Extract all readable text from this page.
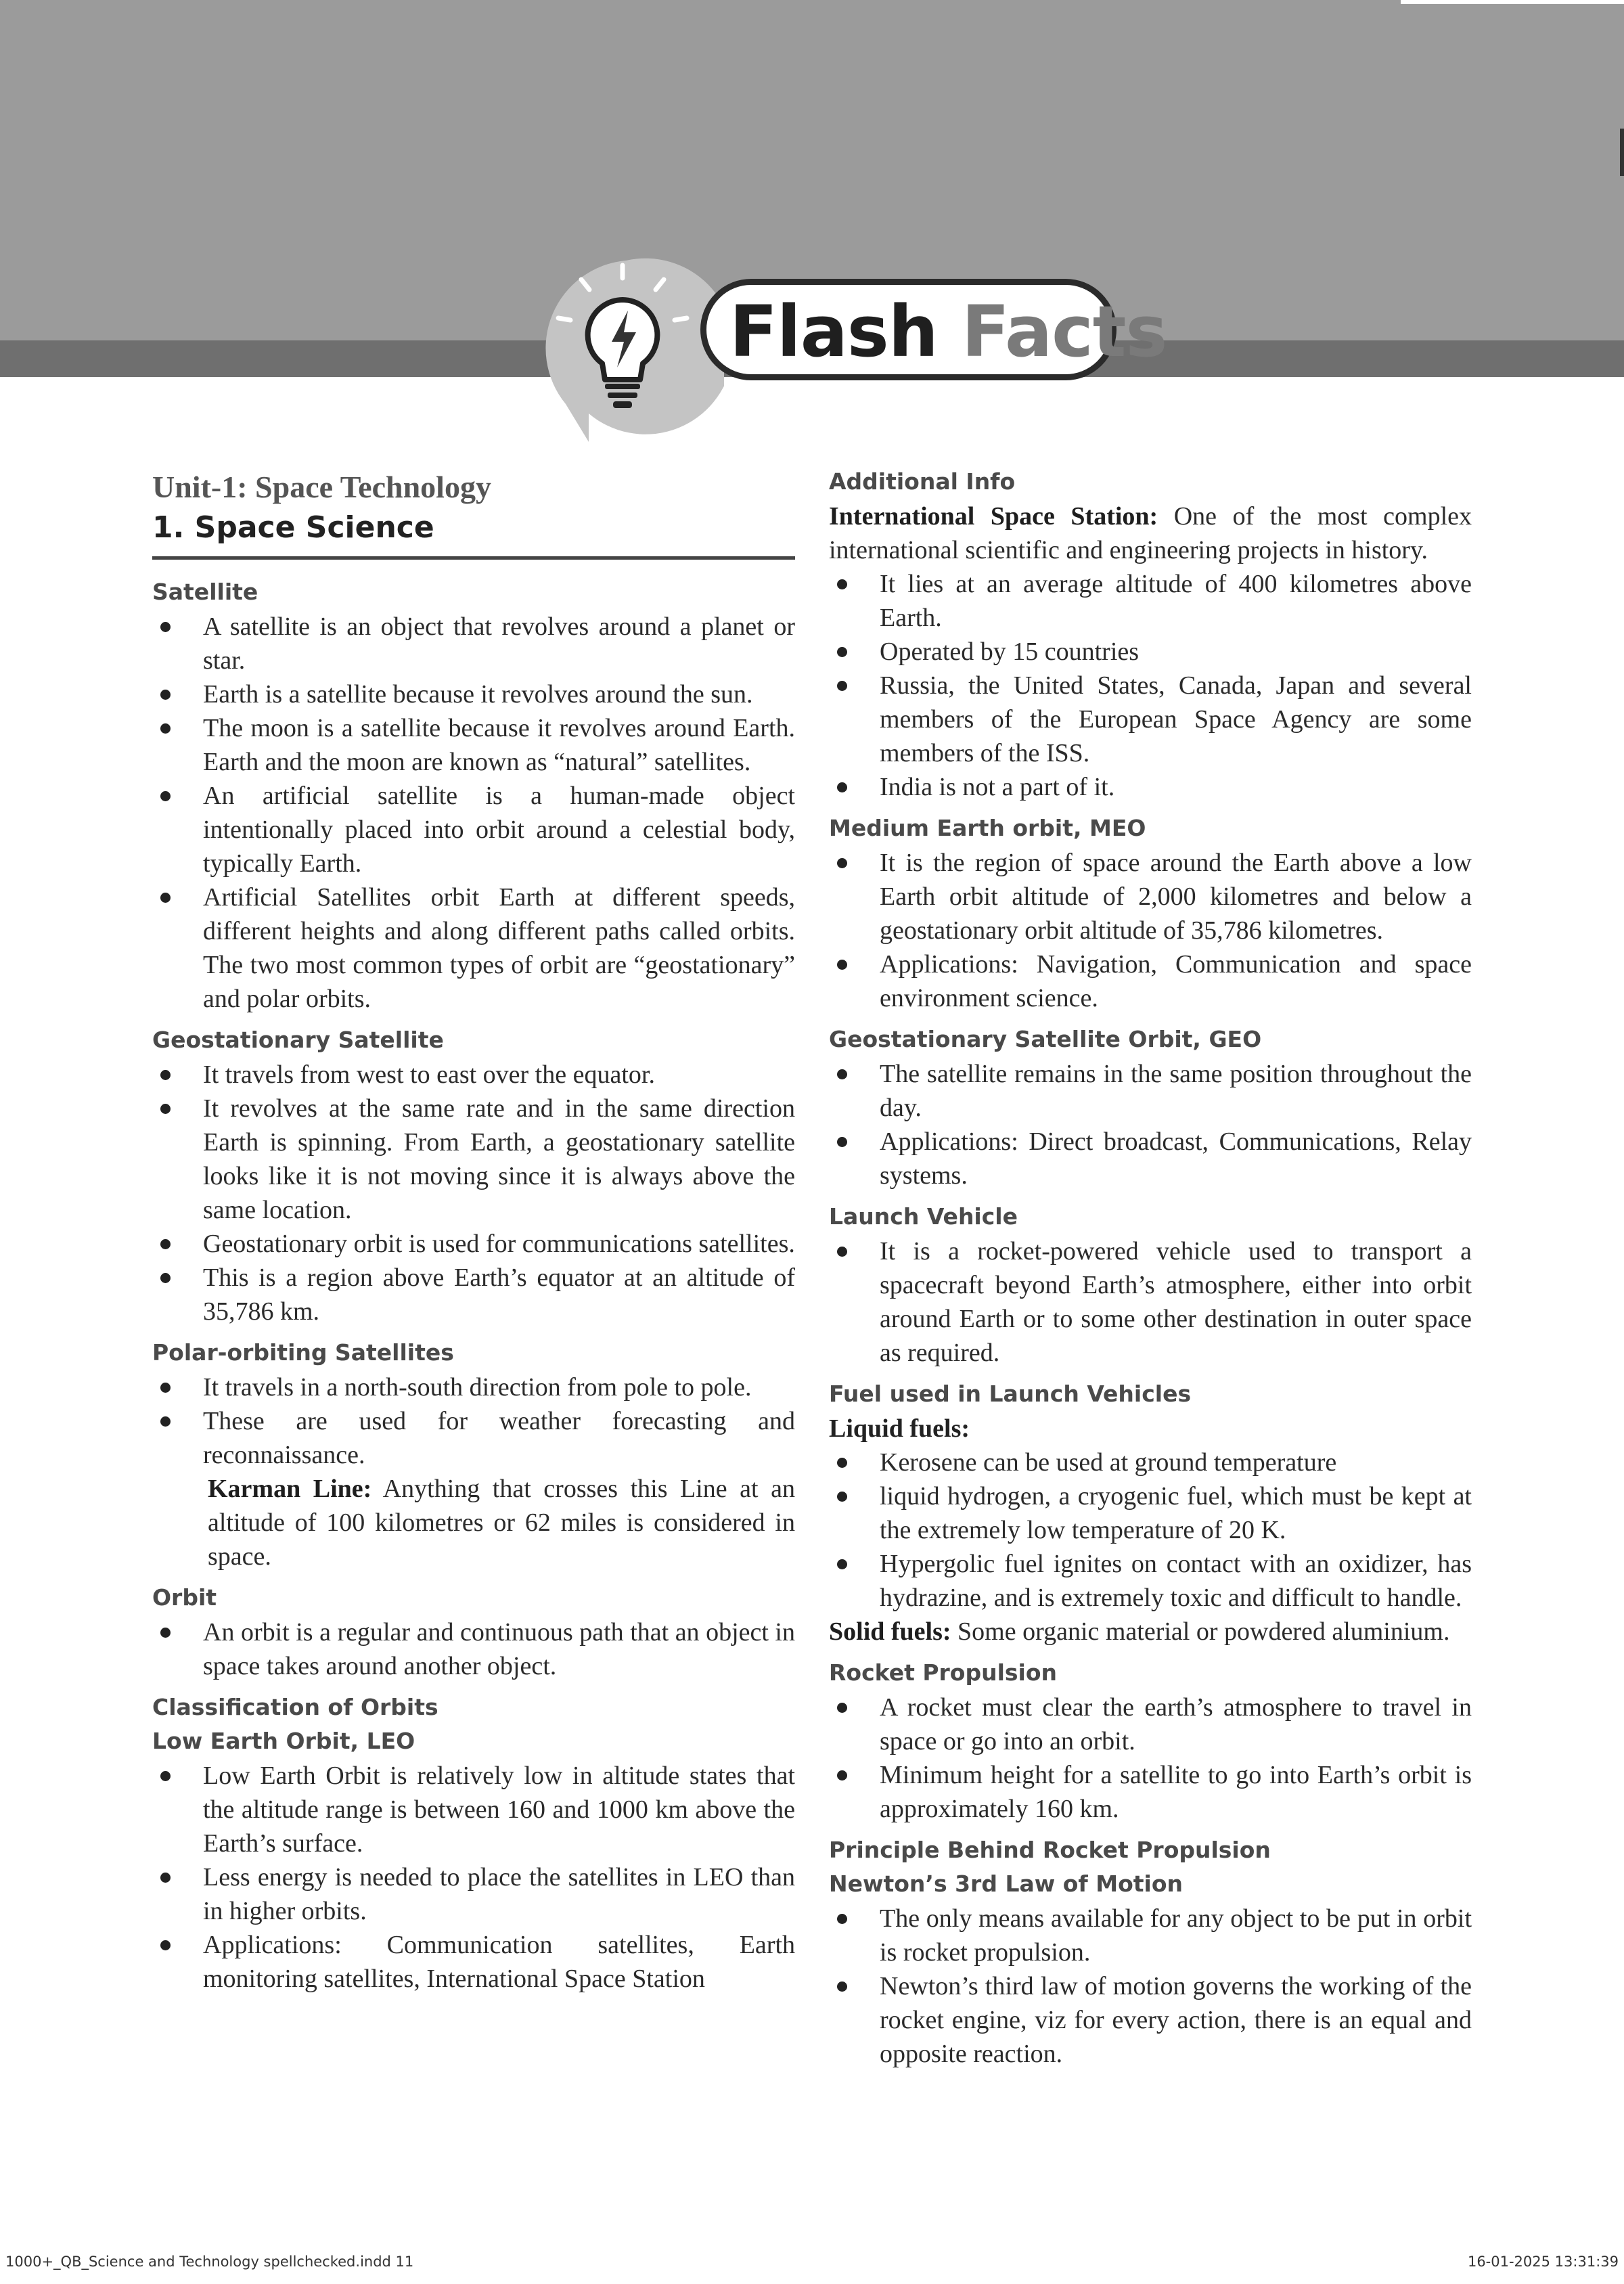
Flash Facts
Unit-1: Space Technology
1. Space Science
Satellite
A satellite is an object that revolves around a planet or star.
Earth is a satellite because it revolves around the sun.
The moon is a satellite because it revolves around Earth. Earth and the moon are known as “natural” satellites.
An artificial satellite is a human-made object intentionally placed into orbit around a celestial body, typically Earth.
Artificial Satellites orbit Earth at different speeds, different heights and along different paths called orbits. The two most common types of orbit are “geostationary” and polar orbits.
Geostationary Satellite
It travels from west to east over the equator.
It revolves at the same rate and in the same direction Earth is spinning. From Earth, a geostationary satellite looks like it is not moving since it is always above the same location.
Geostationary orbit is used for communications satellites.
This is a region above Earth’s equator at an altitude of 35,786 km.
Polar-orbiting Satellites
It travels in a north-south direction from pole to pole.
These are used for weather forecasting and reconnaissance.

Karman Line: Anything that crosses this Line at an altitude of 100 kilometres or 62 miles is considered in space.

Orbit
An orbit is a regular and continuous path that an object in space takes around another object.
Classification of Orbits
Low Earth Orbit, LEO
Low Earth Orbit is relatively low in altitude states that the altitude range is between 160 and 1000 km above the Earth’s surface.
Less energy is needed to place the satellites in LEO than in higher orbits.
Applications: Communication satellites, Earth monitoring satellites, International Space Station
Additional Info

International Space Station: One of the most complex international scientific and engineering projects in history.

It lies at an average altitude of 400 kilometres above Earth.
Operated by 15 countries
Russia, the United States, Canada, Japan and several members of the European Space Agency are some members of the ISS.
India is not a part of it.
Medium Earth orbit, MEO
It is the region of space around the Earth above a low Earth orbit altitude of 2,000 kilometres and below a geostationary orbit altitude of 35,786 kilometres.
Applications: Navigation, Communication and space environment science.
Geostationary Satellite Orbit, GEO
The satellite remains in the same position throughout the day.
Applications: Direct broadcast, Communications, Relay systems.
Launch Vehicle
It is a rocket-powered vehicle used to transport a spacecraft beyond Earth’s atmosphere, either into orbit around Earth or to some other destination in outer space as required.
Fuel used in Launch Vehicles
Liquid fuels:
Kerosene can be used at ground temperature
liquid hydrogen, a cryogenic fuel, which must be kept at the extremely low temperature of 20 K.
Hypergolic fuel ignites on contact with an oxidizer, has hydrazine, and is extremely toxic and difficult to handle.

Solid fuels: Some organic material or powdered aluminium.

Rocket Propulsion
A rocket must clear the earth’s atmosphere to travel in space or go into an orbit.
Minimum height for a satellite to go into Earth’s orbit is approximately 160 km.
Principle Behind Rocket Propulsion
Newton’s 3rd Law of Motion
The only means available for any object to be put in orbit is rocket propulsion.
Newton’s third law of motion governs the working of the rocket engine, viz for every action, there is an equal and opposite reaction.
1000+_QB_Science and Technology spellchecked.indd 11	16-01-2025 13:31:39
